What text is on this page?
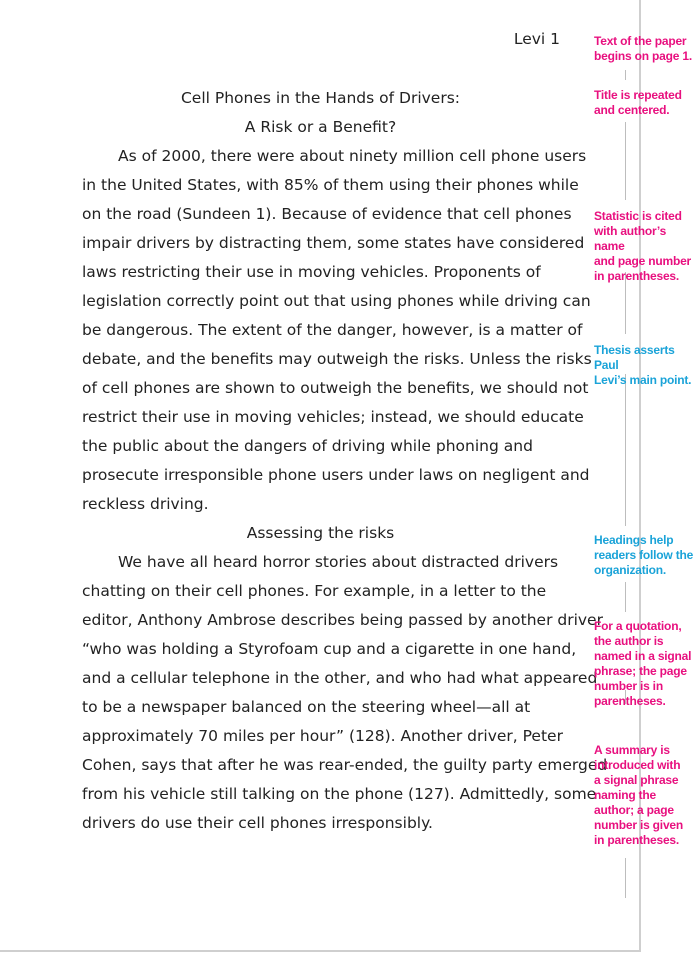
Levi 1
Cell Phones in the Hands of Drivers:
A Risk or a Benefit?
As of 2000, there were about ninety million cell phone users
in the United States, with 85% of them using their phones while
on the road (Sundeen 1). Because of evidence that cell phones
impair drivers by distracting them, some states have considered
laws restricting their use in moving vehicles. Proponents of
legislation correctly point out that using phones while driving can
be dangerous. The extent of the danger, however, is a matter of
debate, and the benefits may outweigh the risks. Unless the risks
of cell phones are shown to outweigh the benefits, we should not
restrict their use in moving vehicles; instead, we should educate
the public about the dangers of driving while phoning and
prosecute irresponsible phone users under laws on negligent and
reckless driving.
Assessing the risks
We have all heard horror stories about distracted drivers
chatting on their cell phones. For example, in a letter to the
editor, Anthony Ambrose describes being passed by another driver
“who was holding a Styrofoam cup and a cigarette in one hand,
and a cellular telephone in the other, and who had what appeared
to be a newspaper balanced on the steering wheel—all at
approximately 70 miles per hour” (128). Another driver, Peter
Cohen, says that after he was rear-ended, the guilty party emerged
from his vehicle still talking on the phone (127). Admittedly, some
drivers do use their cell phones irresponsibly.
Text of the paper
begins on page 1.
Title is repeated
and centered.
Statistic is cited
with author’s name
and page number
in parentheses.
Thesis asserts Paul
Levi’s main point.
Headings help
readers follow the
organization.
For a quotation,
the author is
named in a signal
phrase; the page
number is in
parentheses.
A summary is
introduced with
a signal phrase
naming the
author; a page
number is given
in parentheses.
